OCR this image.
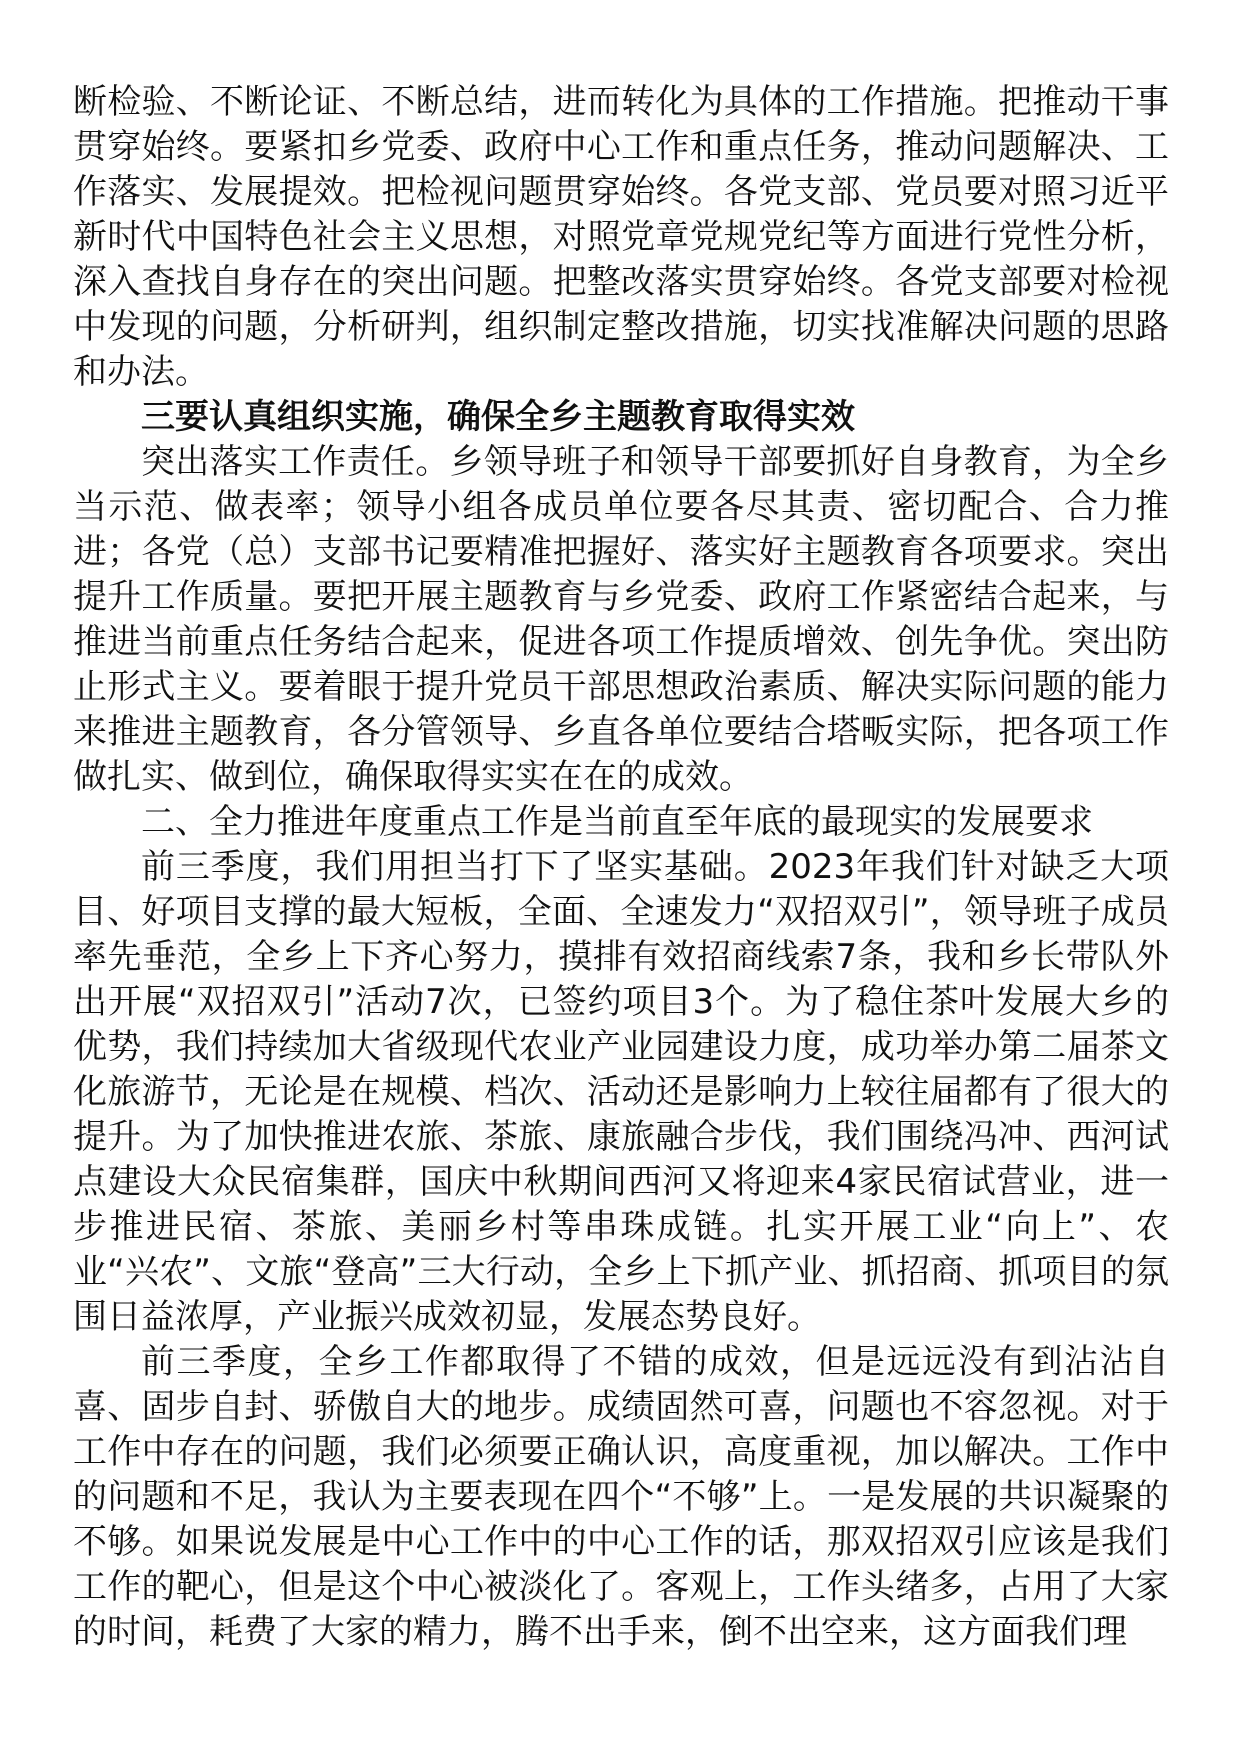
断检验、不断论证、不断总结，进而转化为具体的工作措施。把推动干事贯穿始终。要紧扣乡党委、政府中心工作和重点任务，推动问题解决、工作落实、发展提效。把检视问题贯穿始终。各党支部、党员要对照习近平新时代中国特色社会主义思想，对照党章党规党纪等方面进行党性分析，深入查找自身存在的突出问题。把整改落实贯穿始终。各党支部要对检视中发现的问题，分析研判，组织制定整改措施，切实找准解决问题的思路和办法。

三要认真组织实施，确保全乡主题教育取得实效

突出落实工作责任。乡领导班子和领导干部要抓好自身教育，为全乡当示范、做表率；领导小组各成员单位要各尽其责、密切配合、合力推进；各党（总）支部书记要精准把握好、落实好主题教育各项要求。突出提升工作质量。要把开展主题教育与乡党委、政府工作紧密结合起来，与推进当前重点任务结合起来，促进各项工作提质增效、创先争优。突出防止形式主义。要着眼于提升党员干部思想政治素质、解决实际问题的能力来推进主题教育，各分管领导、乡直各单位要结合塔畈实际，把各项工作做扎实、做到位，确保取得实实在在的成效。

二、全力推进年度重点工作是当前直至年底的最现实的发展要求

前三季度，我们用担当打下了坚实基础。2023年我们针对缺乏大项目、好项目支撑的最大短板，全面、全速发力“双招双引”，领导班子成员率先垂范，全乡上下齐心努力，摸排有效招商线索7条，我和乡长带队外出开展“双招双引”活动7次，已签约项目3个。为了稳住茶叶发展大乡的优势，我们持续加大省级现代农业产业园建设力度，成功举办第二届茶文化旅游节，无论是在规模、档次、活动还是影响力上较往届都有了很大的提升。为了加快推进农旅、茶旅、康旅融合步伐，我们围绕冯冲、西河试点建设大众民宿集群，国庆中秋期间西河又将迎来4家民宿试营业，进一步推进民宿、茶旅、美丽乡村等串珠成链。扎实开展工业“向上”、农业“兴农”、文旅“登高”三大行动，全乡上下抓产业、抓招商、抓项目的氛围日益浓厚，产业振兴成效初显，发展态势良好。

前三季度，全乡工作都取得了不错的成效，但是远远没有到沾沾自喜、固步自封、骄傲自大的地步。成绩固然可喜，问题也不容忽视。对于工作中存在的问题，我们必须要正确认识，高度重视，加以解决。工作中的问题和不足，我认为主要表现在四个“不够”上。一是发展的共识凝聚的不够。如果说发展是中心工作中的中心工作的话，那双招双引应该是我们工作的靶心，但是这个中心被淡化了。客观上，工作头绪多，占用了大家的时间，耗费了大家的精力，腾不出手来，倒不出空来，这方面我们理
